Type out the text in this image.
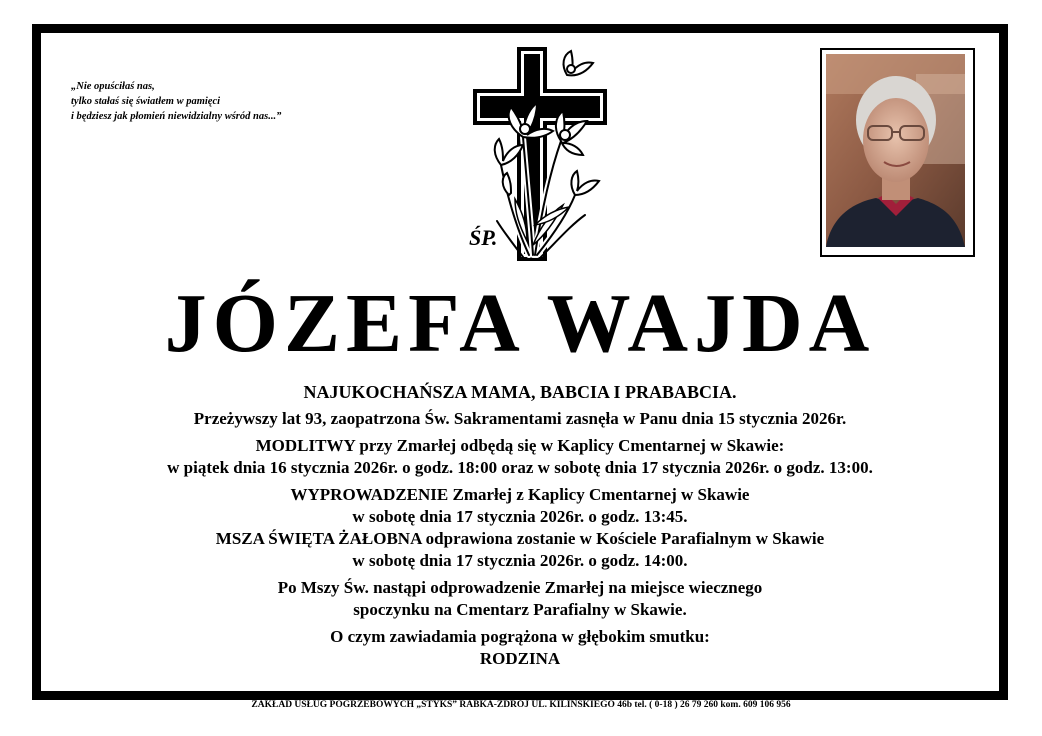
„Nie opuściłaś nas,
tylko stałaś się światłem w pamięci
i będziesz jak płomień niewidzialny wśród nas...”
ŚP.
JÓZEFA WAJDA
NAJUKOCHAŃSZA MAMA, BABCIA I PRABABCIA.
Przeżywszy lat 93, zaopatrzona Św. Sakramentami zasnęła w Panu dnia 15 stycznia 2026r.
MODLITWY przy Zmarłej odbędą się w Kaplicy Cmentarnej w Skawie:
w piątek dnia 16 stycznia 2026r. o godz. 18:00 oraz w sobotę dnia 17 stycznia 2026r. o godz. 13:00.
WYPROWADZENIE Zmarłej z Kaplicy Cmentarnej w Skawie
w sobotę dnia 17 stycznia 2026r. o godz. 13:45.
MSZA ŚWIĘTA ŻAŁOBNA odprawiona zostanie w Kościele Parafialnym w Skawie
w sobotę dnia 17 stycznia 2026r. o godz. 14:00.
Po Mszy Św. nastąpi odprowadzenie Zmarłej na miejsce wiecznego
spoczynku na Cmentarz Parafialny w Skawie.
O czym zawiadamia pogrążona w głębokim smutku:
RODZINA
ZAKŁAD USŁUG POGRZEBOWYCH „STYKS” RABKA-ZDRÓJ UL. KILIŃSKIEGO 46b tel. ( 0-18 ) 26 79 260 kom. 609 106 956
